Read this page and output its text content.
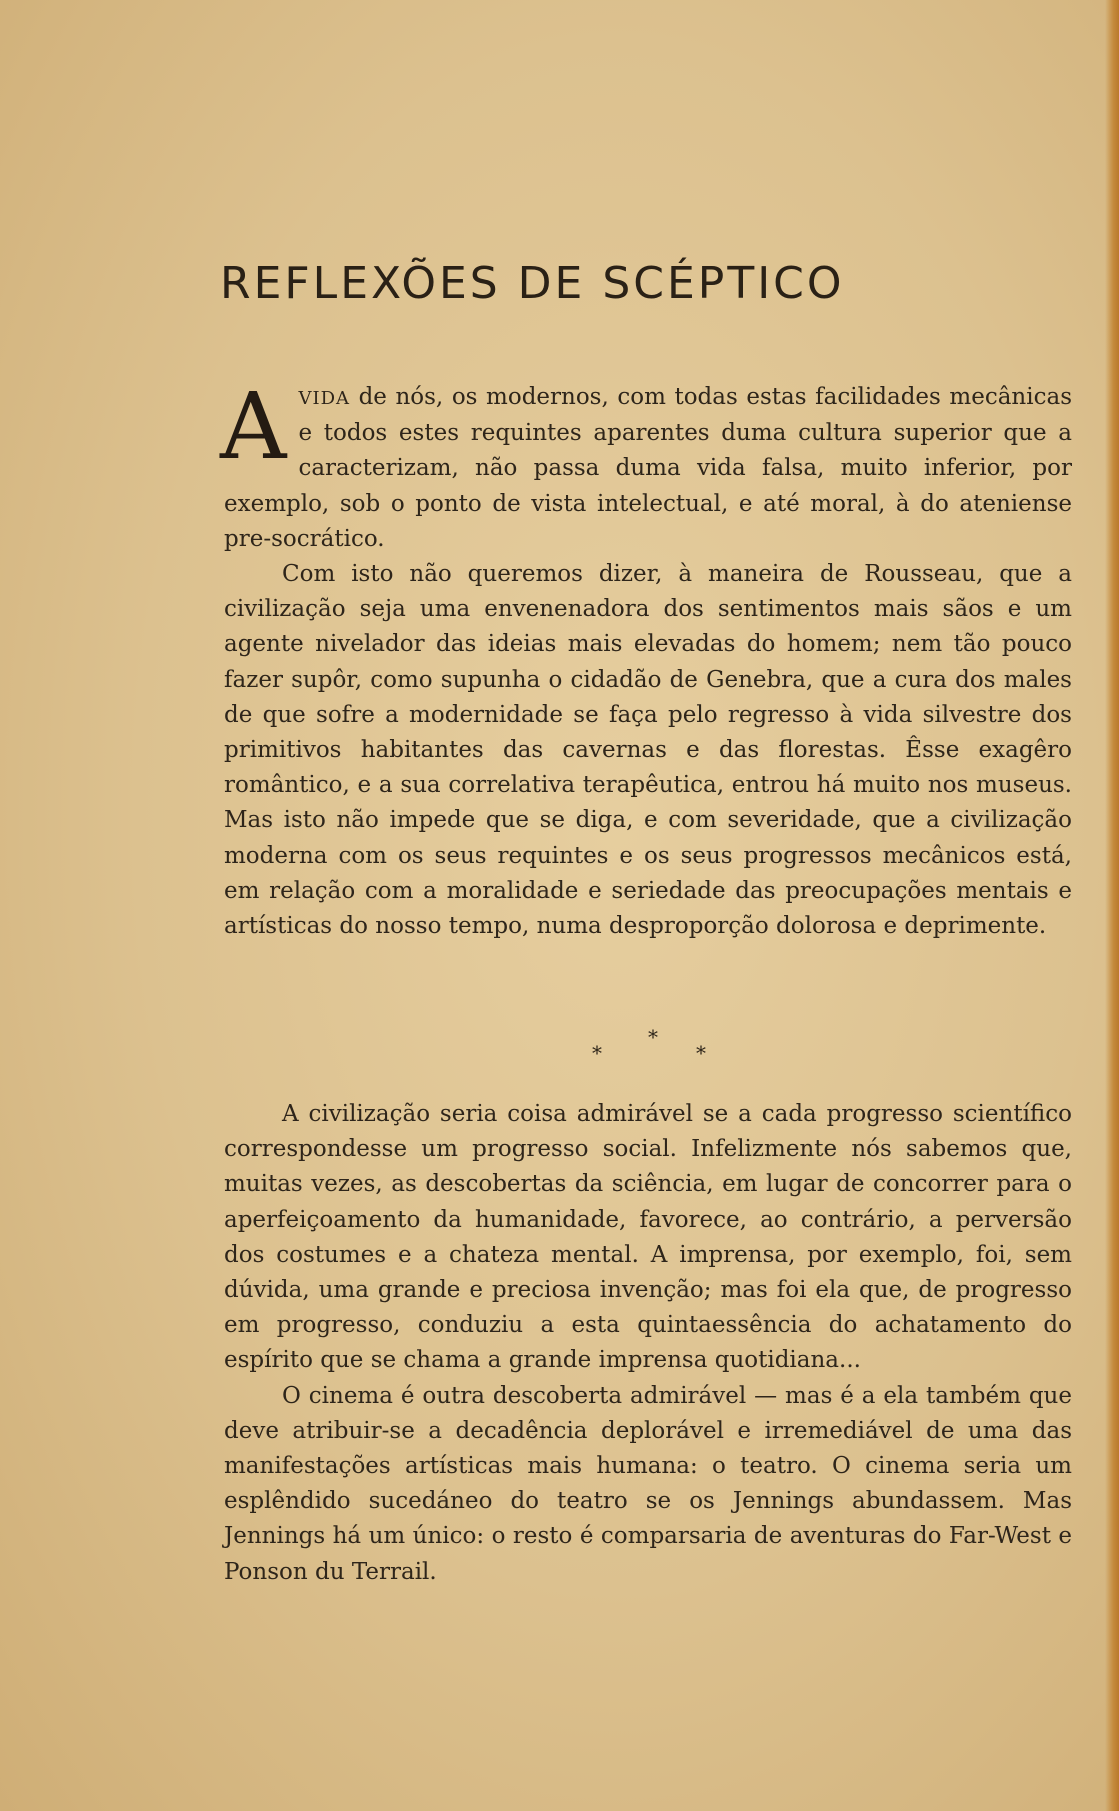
REFLEXÕES DE SCÉPTICO

AVIDA de nós, os modernos, com todas estas facilidades mecânicas e todos estes requintes aparentes duma cultura superior que a caracterizam, não passa duma vida falsa, muito inferior, por exemplo, sob o ponto de vista intelectual, e até moral, à do ateniense pre-socrático.

Com isto não queremos dizer, à maneira de Rousseau, que a civilização seja uma envenenadora dos sentimentos mais sãos e um agente nivelador das ideias mais elevadas do homem; nem tão pouco fazer supôr, como supunha o cidadão de Genebra, que a cura dos males de que sofre a modernidade se faça pelo regresso à vida silvestre dos primitivos habitantes das cavernas e das florestas. Êsse exagêro romântico, e a sua correlativa terapêutica, entrou há muito nos museus. Mas isto não impede que se diga, e com severidade, que a civilização moderna com os seus requintes e os seus progressos mecânicos está, em relação com a moralidade e seriedade das preocupações mentais e artísticas do nosso tempo, numa desproporção dolorosa e deprimente.

*
*	*

A civilização seria coisa admirável se a cada progresso scientífico correspondesse um progresso social. Infelizmente nós sabemos que, muitas vezes, as descobertas da sciência, em lugar de concorrer para o aperfeiçoamento da humanidade, favorece, ao contrário, a perversão dos costumes e a chateza mental. A imprensa, por exemplo, foi, sem dúvida, uma grande e preciosa invenção; mas foi ela que, de progresso em progresso, conduziu a esta quintaessência do achatamento do espírito que se chama a grande imprensa quotidiana...

O cinema é outra descoberta admirável — mas é a ela também que deve atribuir-se a decadência deplorável e irremediável de uma das manifestações artísticas mais humana: o teatro. O cinema seria um esplêndido sucedáneo do teatro se os Jennings abundassem. Mas Jennings há um único: o resto é comparsaria de aventuras do Far-West e Ponson du Terrail.
